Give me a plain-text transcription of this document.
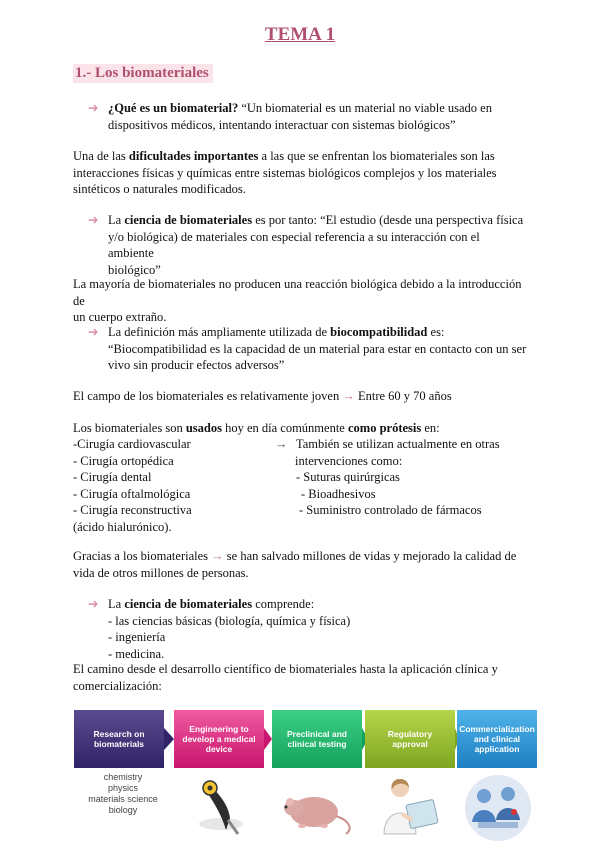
TEMA 1
1.- Los biomateriales
➔ ¿Qué es un biomaterial? “Un biomaterial es un material no viable usado en
dispositivos médicos, intentando interactuar con sistemas biológicos”
Una de las dificultades importantes a las que se enfrentan los biomateriales son las
interacciones físicas y químicas entre sistemas biológicos complejos y los materiales
sintéticos o naturales modificados.
➔ La ciencia de biomateriales es por tanto: “El estudio (desde una perspectiva física
y/o biológica) de materiales con especial referencia a su interacción con el ambiente
biológico”
La mayoría de biomateriales no producen una reacción biológica debido a la introducción de
un cuerpo extraño.
➔ La definición más ampliamente utilizada de biocompatibilidad es:
“Biocompatibilidad es la capacidad de un material para estar en contacto con un ser
vivo sin producir efectos adversos”
El campo de los biomateriales es relativamente joven → Entre 60 y 70 años
Los biomateriales son usados hoy en día comúnmente como prótesis en:
-Cirugía cardiovascular
- Cirugía ortopédica
- Cirugía dental
- Cirugía oftalmológica
- Cirugía reconstructiva
(ácido hialurónico).
→ También se utilizan actualmente en otras
intervenciones como:
- Suturas quirúrgicas
- Bioadhesivos
- Suministro controlado de fármacos
Gracias a los biomateriales → se han salvado millones de vidas y mejorado la calidad de
vida de otros millones de personas.
➔ La ciencia de biomateriales comprende:
- las ciencias básicas (biología, química y física)
- ingeniería
- medicina.
El camino desde el desarrollo científico de biomateriales hasta la aplicación clínica y
comercialización:
Research on biomaterials
Engineering to develop a medical device
Preclinical and clinical testing
Regulatory approval
Commercialization and clinical application
chemistry
physics
materials science
biology
